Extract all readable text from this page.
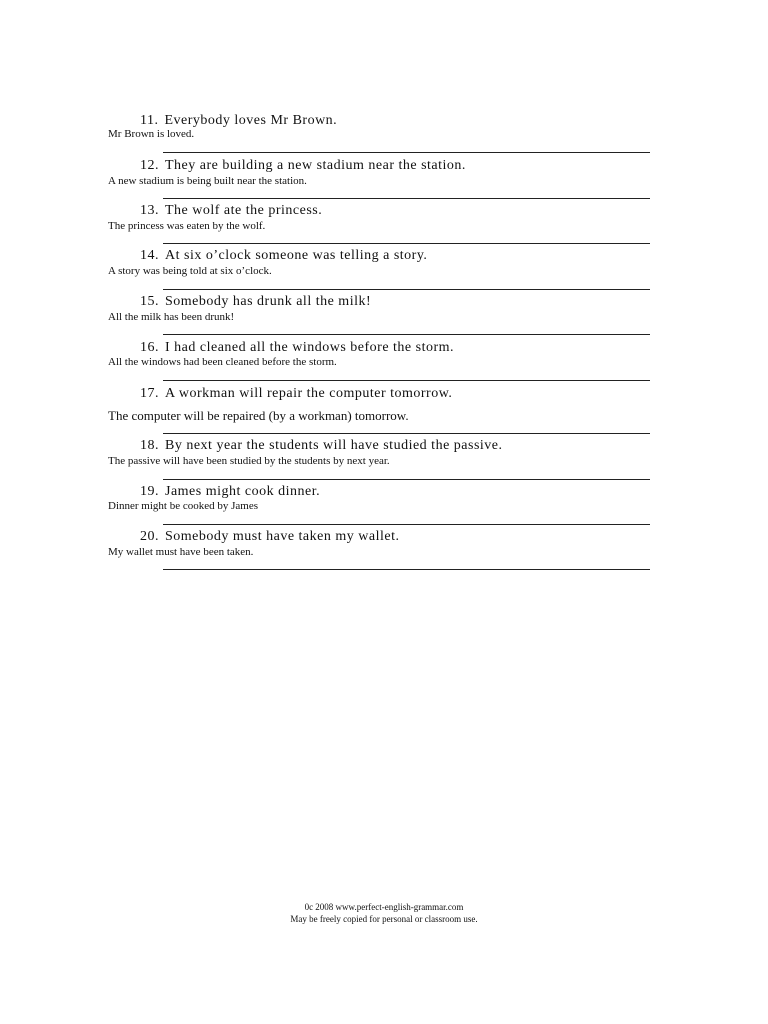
11. Everybody loves Mr Brown.
Mr Brown is loved.
12. They are building a new stadium near the station.
A new stadium is being built near the station.
13. The wolf ate the princess.
The princess was eaten by the wolf.
14. At six o’clock someone was telling a story.
A story was being told at six o’clock.
15. Somebody has drunk all the milk!
All the milk has been drunk!
16. I had cleaned all the windows before the storm.
All the windows had been cleaned before the storm.
17. A workman will repair the computer tomorrow.
The computer will be repaired (by a workman) tomorrow.
18. By next year the students will have studied the passive.
The passive will have been studied by the students by next year.
19. James might cook dinner.
Dinner might be cooked by James
20. Somebody must have taken my wallet.
My wallet must have been taken.
0c 2008 www.perfect-english-grammar.com
May be freely copied for personal or classroom use.
